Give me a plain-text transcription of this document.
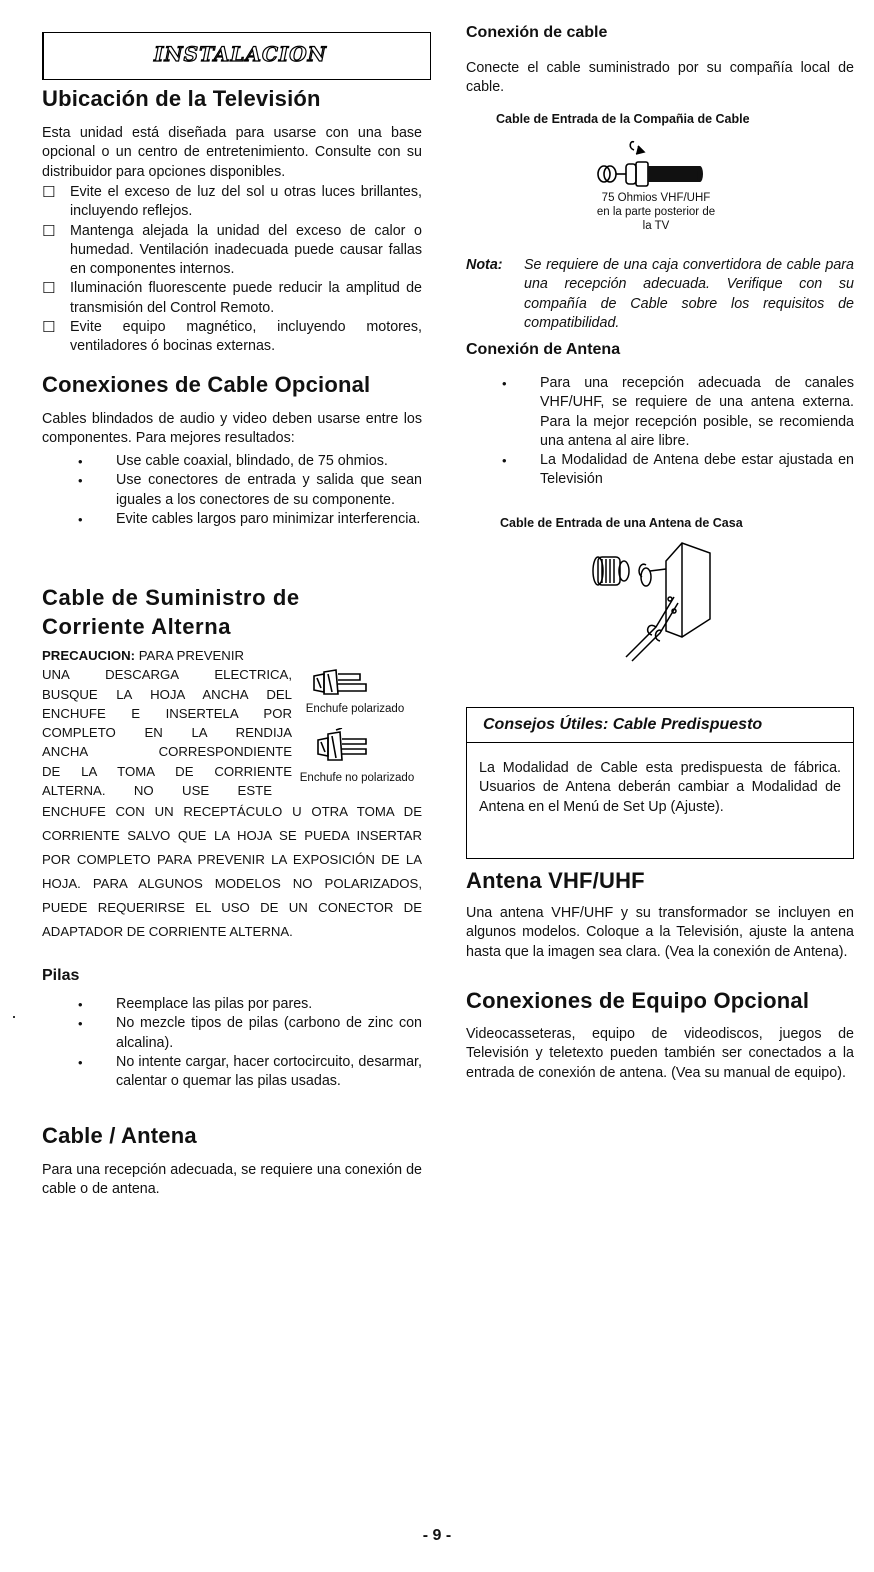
INSTALACION
Ubicación de la Televisión

Esta unidad está diseñada para usarse con una base opcional o un centro de entretenimiento. Consulte con su distribuidor para opciones disponibles.

☐	Evite el exceso de luz del sol u otras luces brillantes, incluyendo reflejos.
☐	Mantenga alejada la unidad del exceso de calor o humedad. Ventilación inadecuada puede causar fallas en componentes internos.
☐	Iluminación fluorescente puede reducir la amplitud de transmisión del Control Remoto.
☐	Evite equipo magnético, incluyendo motores, ventiladores ó bocinas externas.
Conexiones de Cable Opcional

Cables blindados de audio y video deben usarse entre los componentes. Para mejores resultados:

•	Use cable coaxial, blindado, de 75 ohmios.
•	Use conectores de entrada y salida que sean iguales a los conectores de su componente.
•	Evite cables largos paro minimizar interferencia.
Cable de Suministro de
Corriente Alterna
PRECAUCION: PARA PREVENIR
UNA DESCARGA ELECTRICA,
BUSQUE LA HOJA ANCHA DEL
ENCHUFE E INSERTELA POR
COMPLETO EN LA RENDIJA
ANCHA CORRESPONDIENTE
DE LA TOMA DE CORRIENTE
ALTERNA. NO USE ESTE
ENCHUFE CON UN RECEPTÁCULO U OTRA TOMA DE CORRIENTE SALVO QUE LA HOJA SE PUEDA INSERTAR POR COMPLETO PARA PREVENIR LA EXPOSICIÓN DE LA HOJA. PARA ALGUNOS MODELOS NO POLARIZADOS, PUEDE REQUERIRSE EL USO DE UN CONECTOR DE ADAPTADOR DE CORRIENTE ALTERNA.
Enchufe polarizado
Enchufe no polarizado
Pilas
•	Reemplace las pilas por pares.
•	No mezcle tipos de pilas (carbono de zinc con alcalina).
•	No intente cargar, hacer cortocircuito, desarmar, calentar o quemar las pilas usadas.
Cable / Antena

Para una recepción adecuada, se requiere una conexión de cable o de antena.

Conexión de cable

Conecte el cable suministrado por su compañía local de cable.

Cable de Entrada de la Compañia de Cable
75 Ohmios VHF/UHF
en la parte posterior de
la TV
Nota:	Se requiere de una caja convertidora de cable para una recepción adecuada. Verifique con su compañía de Cable sobre los requisitos de compatibilidad.
Conexión de Antena
•	Para una recepción adecuada de canales VHF/UHF, se requiere de una antena externa. Para la mejor recepción posible, se recomienda una antena al aire libre.
•	La Modalidad de Antena debe estar ajustada en Televisión
Cable de Entrada de una Antena de Casa
Consejos Útiles: Cable Predispuesto
La Modalidad de Cable esta predispuesta de fábrica. Usuarios de Antena deberán cambiar a Modalidad de Antena en el Menú de Set Up (Ajuste).
Antena VHF/UHF

Una antena VHF/UHF y su transformador se incluyen en algunos modelos. Coloque a la Televisión, ajuste la antena hasta que la imagen sea clara. (Vea la conexión de Antena).

Conexiones de Equipo Opcional

Videocasseteras, equipo de videodiscos, juegos de Televisión y teletexto pueden también ser conectados a la entrada de conexión de antena. (Vea su manual de equipo).

- 9 -
